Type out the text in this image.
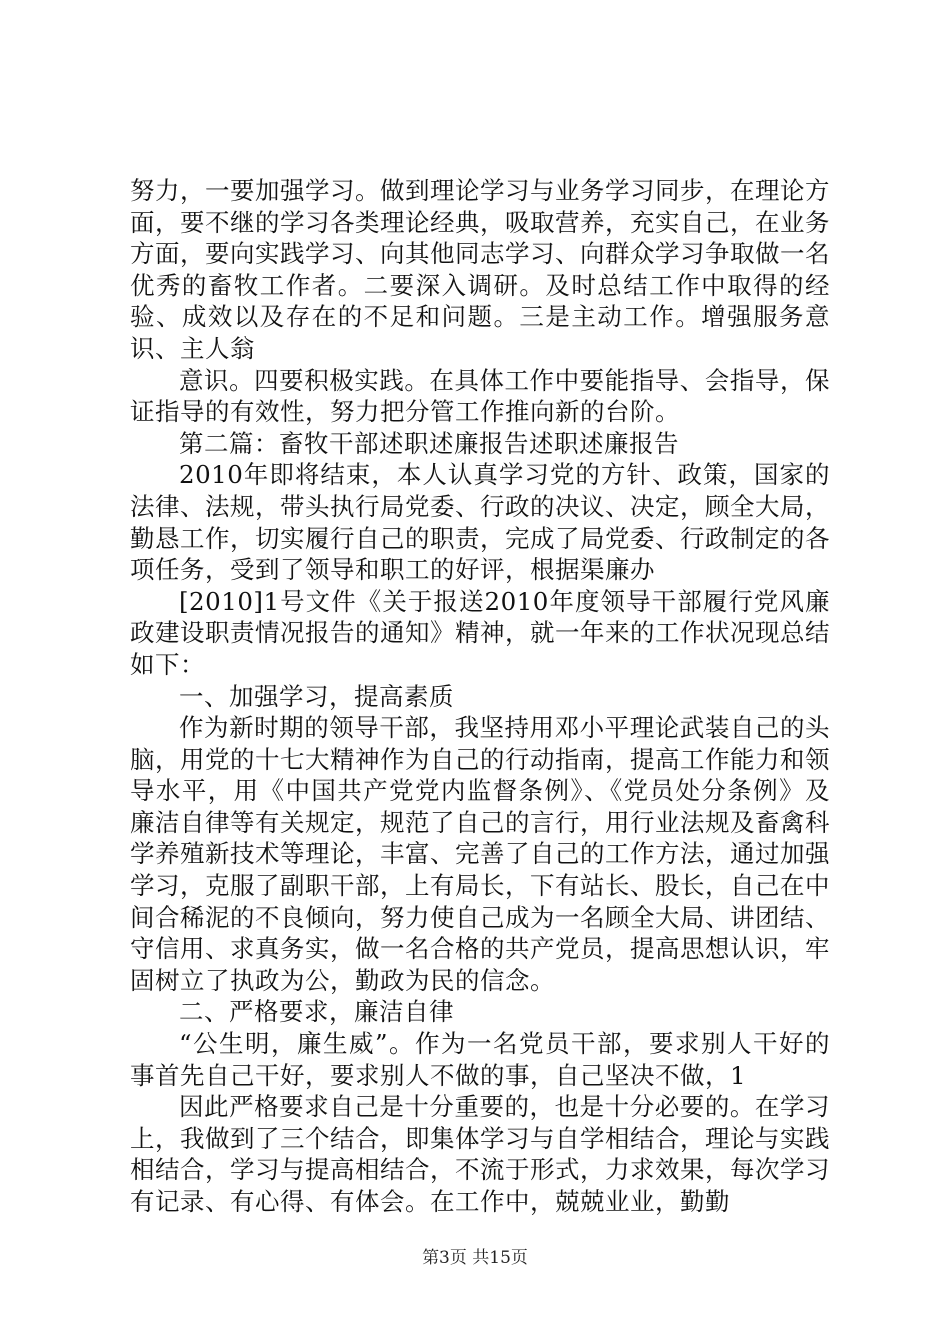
努力，一要加强学习。做到理论学习与业务学习同步，在理论方面，要不继的学习各类理论经典，吸取营养，充实自己，在业务方面，要向实践学习、向其他同志学习、向群众学习争取做一名优秀的畜牧工作者。二要深入调研。及时总结工作中取得的经验、成效以及存在的不足和问题。三是主动工作。增强服务意识、主人翁

意识。四要积极实践。在具体工作中要能指导、会指导，保证指导的有效性，努力把分管工作推向新的台阶。

第二篇：畜牧干部述职述廉报告述职述廉报告

2010年即将结束，本人认真学习党的方针、政策，国家的法律、法规，带头执行局党委、行政的决议、决定，顾全大局，勤恳工作，切实履行自己的职责，完成了局党委、行政制定的各项任务，受到了领导和职工的好评，根据渠廉办

[2010]1号文件《关于报送2010年度领导干部履行党风廉政建设职责情况报告的通知》精神，就一年来的工作状况现总结如下：

一、加强学习，提高素质

作为新时期的领导干部，我坚持用邓小平理论武装自己的头脑，用党的十七大精神作为自己的行动指南，提高工作能力和领导水平，用《中国共产党党内监督条例》、《党员处分条例》及廉洁自律等有关规定，规范了自己的言行，用行业法规及畜禽科学养殖新技术等理论，丰富、完善了自己的工作方法，通过加强学习，克服了副职干部，上有局长，下有站长、股长，自己在中间合稀泥的不良倾向，努力使自己成为一名顾全大局、讲团结、守信用、求真务实，做一名合格的共产党员，提高思想认识，牢固树立了执政为公，勤政为民的信念。

二、严格要求，廉洁自律

“公生明，廉生威”。作为一名党员干部，要求别人干好的事首先自己干好，要求别人不做的事，自己坚决不做，1

因此严格要求自己是十分重要的，也是十分必要的。在学习上，我做到了三个结合，即集体学习与自学相结合，理论与实践相结合，学习与提高相结合，不流于形式，力求效果，每次学习有记录、有心得、有体会。在工作中，兢兢业业，勤勤

第3页 共15页
